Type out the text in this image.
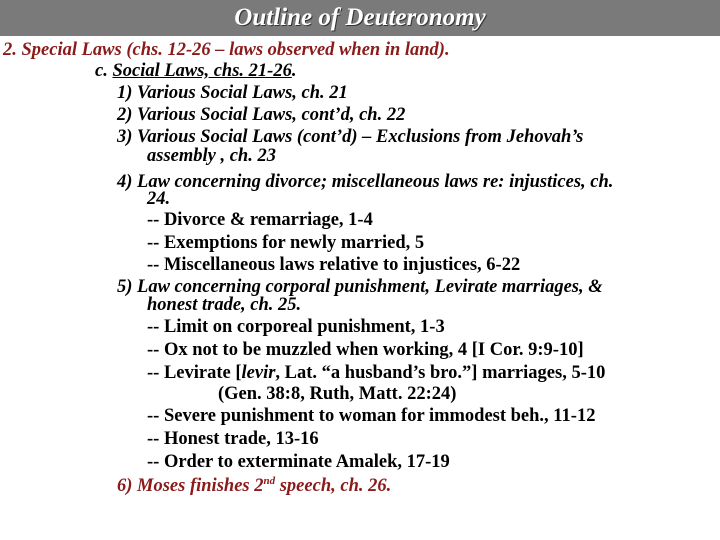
Outline of Deuteronomy
2. Special Laws (chs. 12-26 – laws observed when in land).
c. Social Laws, chs. 21-26.
1) Various Social Laws, ch. 21
2) Various Social Laws, cont’d, ch. 22
3) Various Social Laws (cont’d) – Exclusions from Jehovah’s
assembly , ch. 23
4) Law concerning divorce; miscellaneous laws re: injustices, ch.
24.
-- Divorce & remarriage, 1-4
-- Exemptions for newly married, 5
-- Miscellaneous laws relative to injustices, 6-22
5) Law concerning corporal punishment, Levirate marriages, &
honest trade, ch. 25.
-- Limit on corporeal punishment, 1-3
-- Ox not to be muzzled when working, 4 [I Cor. 9:9-10]
-- Levirate [levir, Lat. “a husband’s bro.”] marriages, 5-10
(Gen. 38:8, Ruth, Matt. 22:24)
-- Severe punishment to woman for immodest beh., 11-12
-- Honest trade, 13-16
-- Order to exterminate Amalek, 17-19
6) Moses finishes 2nd speech, ch. 26.
